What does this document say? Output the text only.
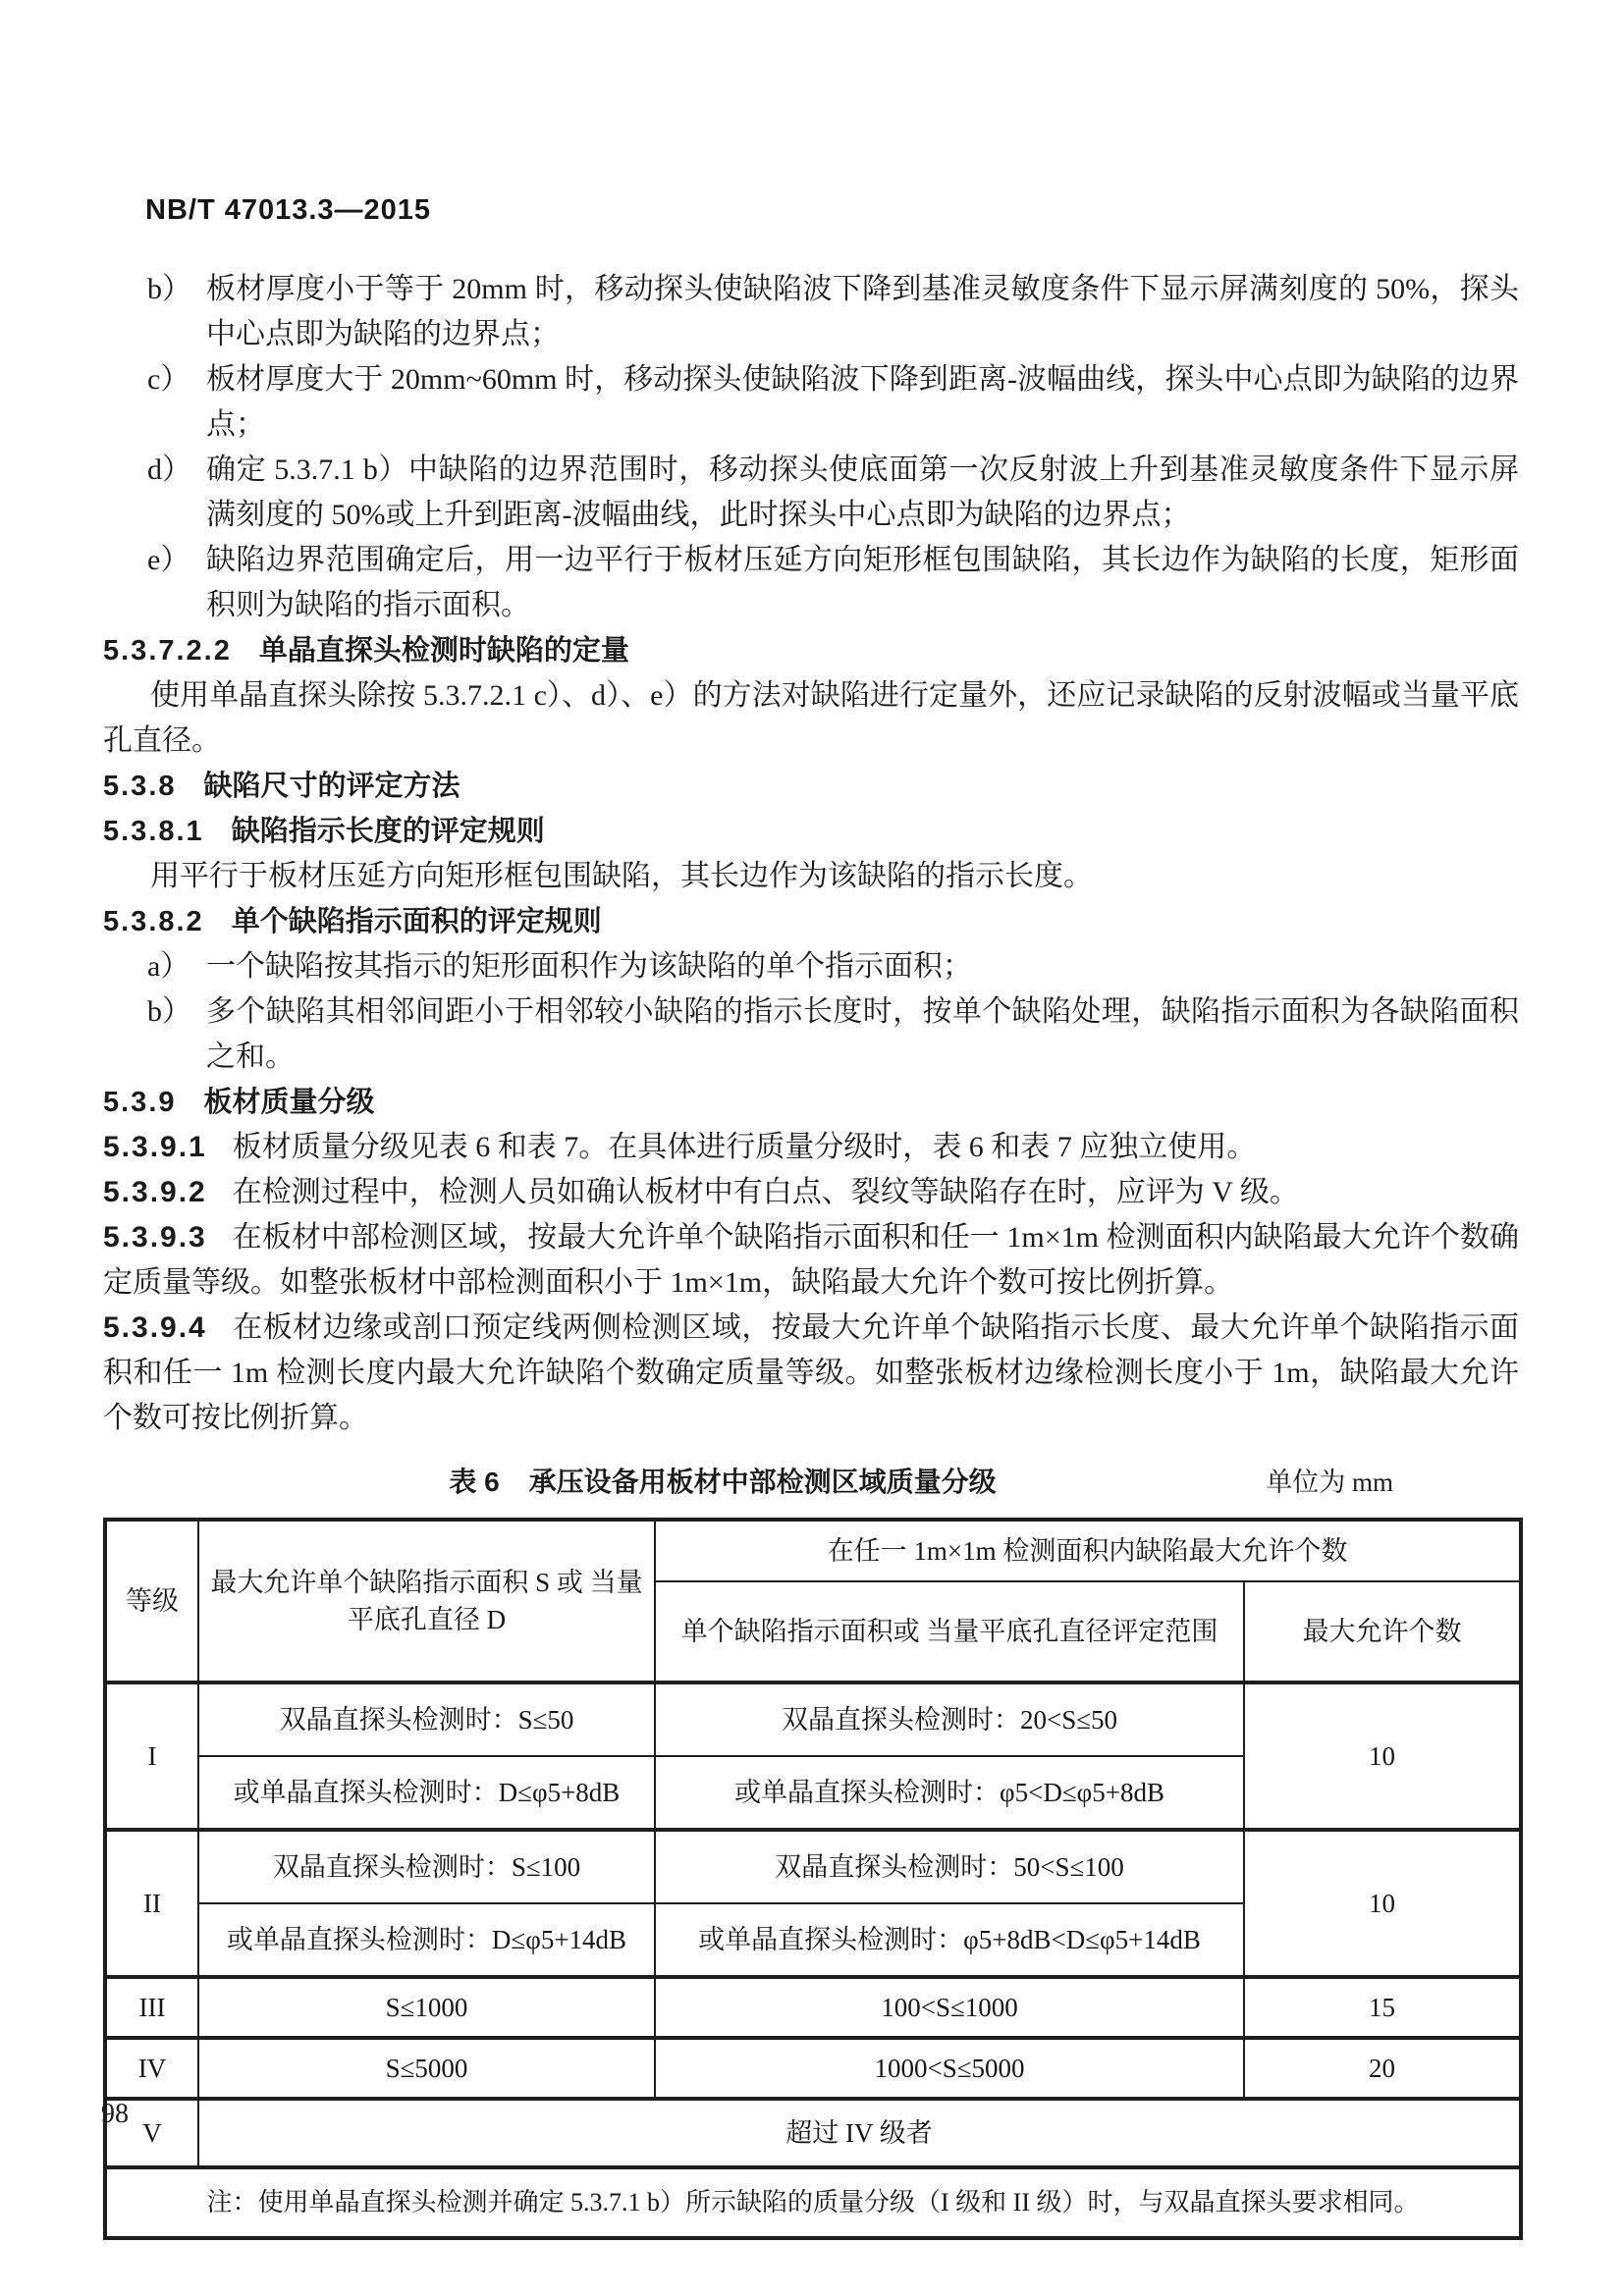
NB/T 47013.3—2015
b） 板材厚度小于等于 20mm 时，移动探头使缺陷波下降到基准灵敏度条件下显示屏满刻度的 50%，探头中心点即为缺陷的边界点；
c） 板材厚度大于 20mm~60mm 时，移动探头使缺陷波下降到距离-波幅曲线，探头中心点即为缺陷的边界点；
d） 确定 5.3.7.1 b）中缺陷的边界范围时，移动探头使底面第一次反射波上升到基准灵敏度条件下显示屏满刻度的 50%或上升到距离-波幅曲线，此时探头中心点即为缺陷的边界点；
e） 缺陷边界范围确定后，用一边平行于板材压延方向矩形框包围缺陷，其长边作为缺陷的长度，矩形面积则为缺陷的指示面积。
5.3.7.2.2 单晶直探头检测时缺陷的定量
使用单晶直探头除按 5.3.7.2.1 c）、d）、e）的方法对缺陷进行定量外，还应记录缺陷的反射波幅或当量平底孔直径。
5.3.8 缺陷尺寸的评定方法
5.3.8.1 缺陷指示长度的评定规则
用平行于板材压延方向矩形框包围缺陷，其长边作为该缺陷的指示长度。
5.3.8.2 单个缺陷指示面积的评定规则
a） 一个缺陷按其指示的矩形面积作为该缺陷的单个指示面积；
b） 多个缺陷其相邻间距小于相邻较小缺陷的指示长度时，按单个缺陷处理，缺陷指示面积为各缺陷面积之和。
5.3.9 板材质量分级
5.3.9.1 板材质量分级见表 6 和表 7。在具体进行质量分级时，表 6 和表 7 应独立使用。
5.3.9.2 在检测过程中，检测人员如确认板材中有白点、裂纹等缺陷存在时，应评为 V 级。
5.3.9.3 在板材中部检测区域，按最大允许单个缺陷指示面积和任一 1m×1m 检测面积内缺陷最大允许个数确定质量等级。如整张板材中部检测面积小于 1m×1m，缺陷最大允许个数可按比例折算。
5.3.9.4 在板材边缘或剖口预定线两侧检测区域，按最大允许单个缺陷指示长度、最大允许单个缺陷指示面积和任一 1m 检测长度内最大允许缺陷个数确定质量等级。如整张板材边缘检测长度小于 1m，缺陷最大允许个数可按比例折算。
表 6 承压设备用板材中部检测区域质量分级	单位为 mm
等级	最大允许单个缺陷指示面积 S 或 当量平底孔直径 D	在任一 1m×1m 检测面积内缺陷最大允许个数	
		单个缺陷指示面积或 当量平底孔直径评定范围	最大允许个数
I	双晶直探头检测时：S≤50	双晶直探头检测时：20<S≤50	10
	或单晶直探头检测时：D≤φ5+8dB	或单晶直探头检测时：φ5<D≤φ5+8dB	
II	双晶直探头检测时：S≤100	双晶直探头检测时：50<S≤100	10
	或单晶直探头检测时：D≤φ5+14dB	或单晶直探头检测时：φ5+8dB<D≤φ5+14dB	
III	S≤1000	100<S≤1000	15
IV	S≤5000	1000<S≤5000	20
V	超过 IV 级者		
注：使用单晶直探头检测并确定 5.3.7.1 b）所示缺陷的质量分级（I 级和 II 级）时，与双晶直探头要求相同。			
98
